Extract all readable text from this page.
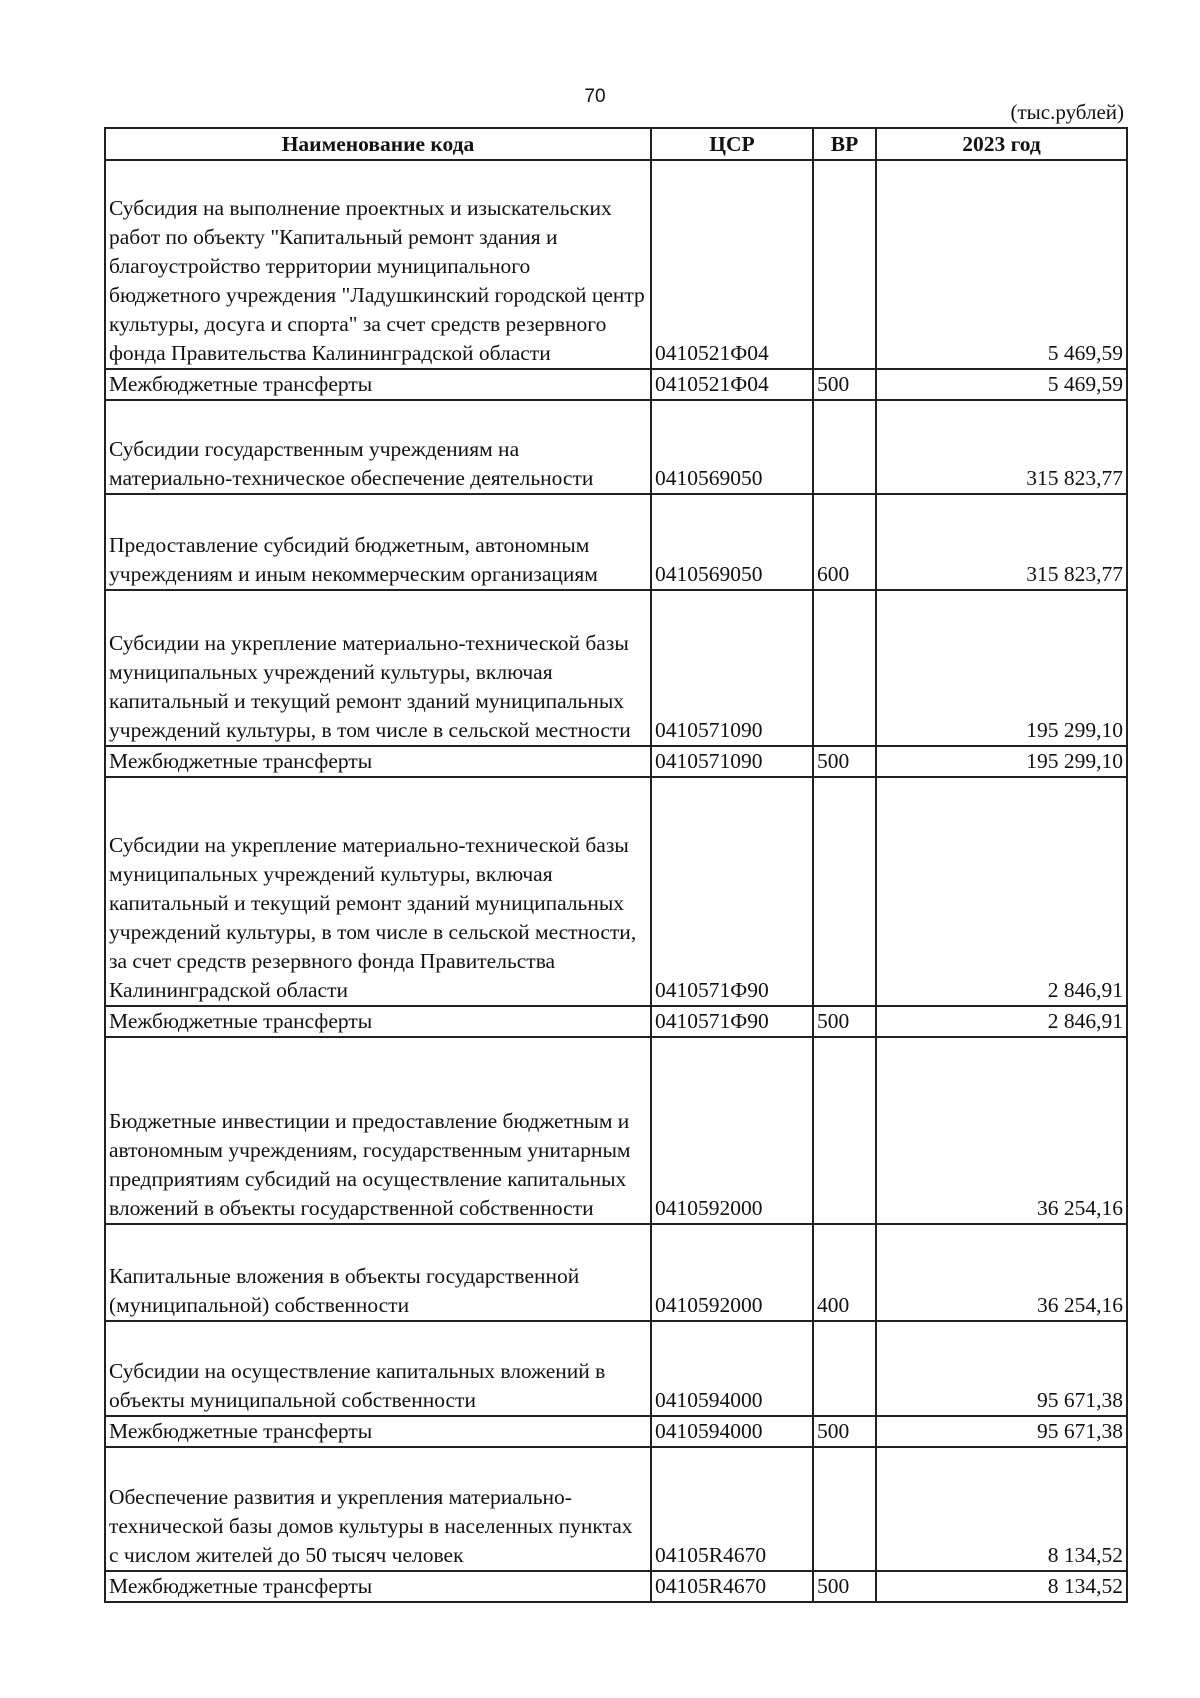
70
(тыс.рублей)
Наименование кода	ЦСР	ВР	2023 год
Субсидия на выполнение проектных и изыскательских работ по объекту "Капитальный ремонт здания и благоустройство территории муниципального бюджетного учреждения "Ладушкинский городской центр культуры, досуга и спорта" за счет средств резервного фонда Правительства Калининградской области	0410521Ф04		5 469,59
Межбюджетные трансферты	0410521Ф04	500	5 469,59
Субсидии государственным учреждениям на материально-техническое обеспечение деятельности	0410569050		315 823,77
Предоставление субсидий бюджетным, автономным учреждениям и иным некоммерческим организациям	0410569050	600	315 823,77
Субсидии на укрепление материально-технической базы муниципальных учреждений культуры, включая капитальный и текущий ремонт зданий муниципальных учреждений культуры, в том числе в сельской местности	0410571090		195 299,10
Межбюджетные трансферты	0410571090	500	195 299,10
Субсидии на укрепление материально-технической базы муниципальных учреждений культуры, включая капитальный и текущий ремонт зданий муниципальных учреждений культуры, в том числе в сельской местности, за счет средств резервного фонда Правительства Калининградской области	0410571Ф90		2 846,91
Межбюджетные трансферты	0410571Ф90	500	2 846,91
Бюджетные инвестиции и предоставление бюджетным и автономным учреждениям, государственным унитарным предприятиям субсидий на осуществление капитальных вложений в объекты государственной собственности	0410592000		36 254,16
Капитальные вложения в объекты государственной (муниципальной) собственности	0410592000	400	36 254,16
Субсидии на осуществление капитальных вложений в объекты муниципальной собственности	0410594000		95 671,38
Межбюджетные трансферты	0410594000	500	95 671,38
Обеспечение развития и укрепления материально-технической базы домов культуры в населенных пунктах с числом жителей до 50 тысяч человек	04105R4670		8 134,52
Межбюджетные трансферты	04105R4670	500	8 134,52
